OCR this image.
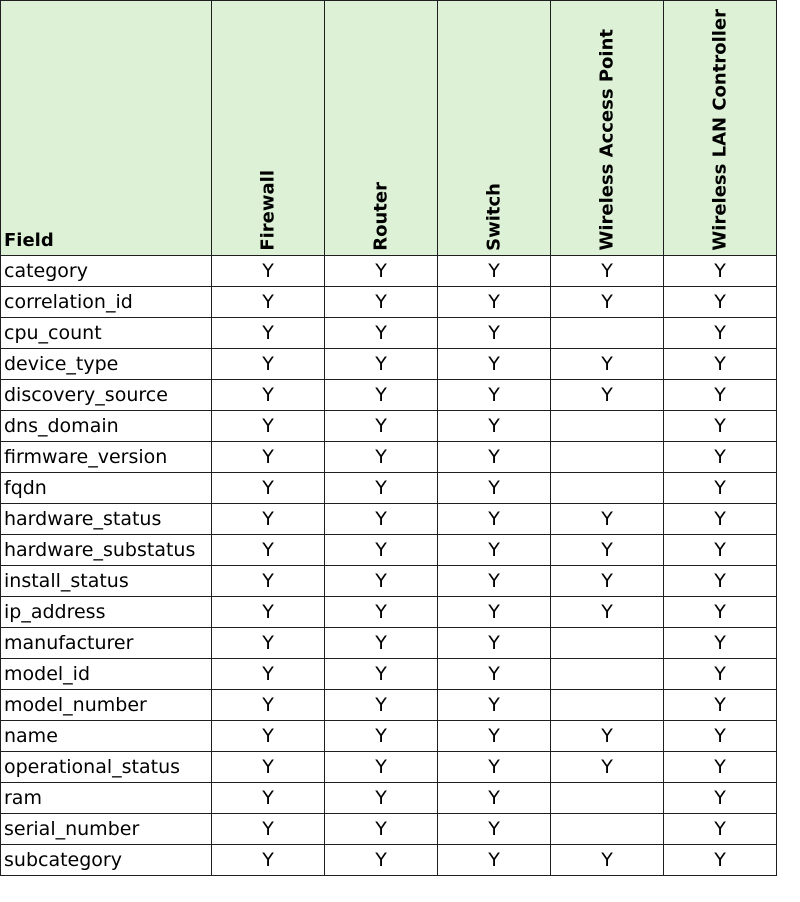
Field	Firewall	Router	Switch	Wireless Access Point	Wireless LAN Controller

category	Y	Y	Y	Y	Y
correlation_id	Y	Y	Y	Y	Y
cpu_count	Y	Y	Y		Y
device_type	Y	Y	Y	Y	Y
discovery_source	Y	Y	Y	Y	Y
dns_domain	Y	Y	Y		Y
firmware_version	Y	Y	Y		Y
fqdn	Y	Y	Y		Y
hardware_status	Y	Y	Y	Y	Y
hardware_substatus	Y	Y	Y	Y	Y
install_status	Y	Y	Y	Y	Y
ip_address	Y	Y	Y	Y	Y
manufacturer	Y	Y	Y		Y
model_id	Y	Y	Y		Y
model_number	Y	Y	Y		Y
name	Y	Y	Y	Y	Y
operational_status	Y	Y	Y	Y	Y
ram	Y	Y	Y		Y
serial_number	Y	Y	Y		Y
subcategory	Y	Y	Y	Y	Y
